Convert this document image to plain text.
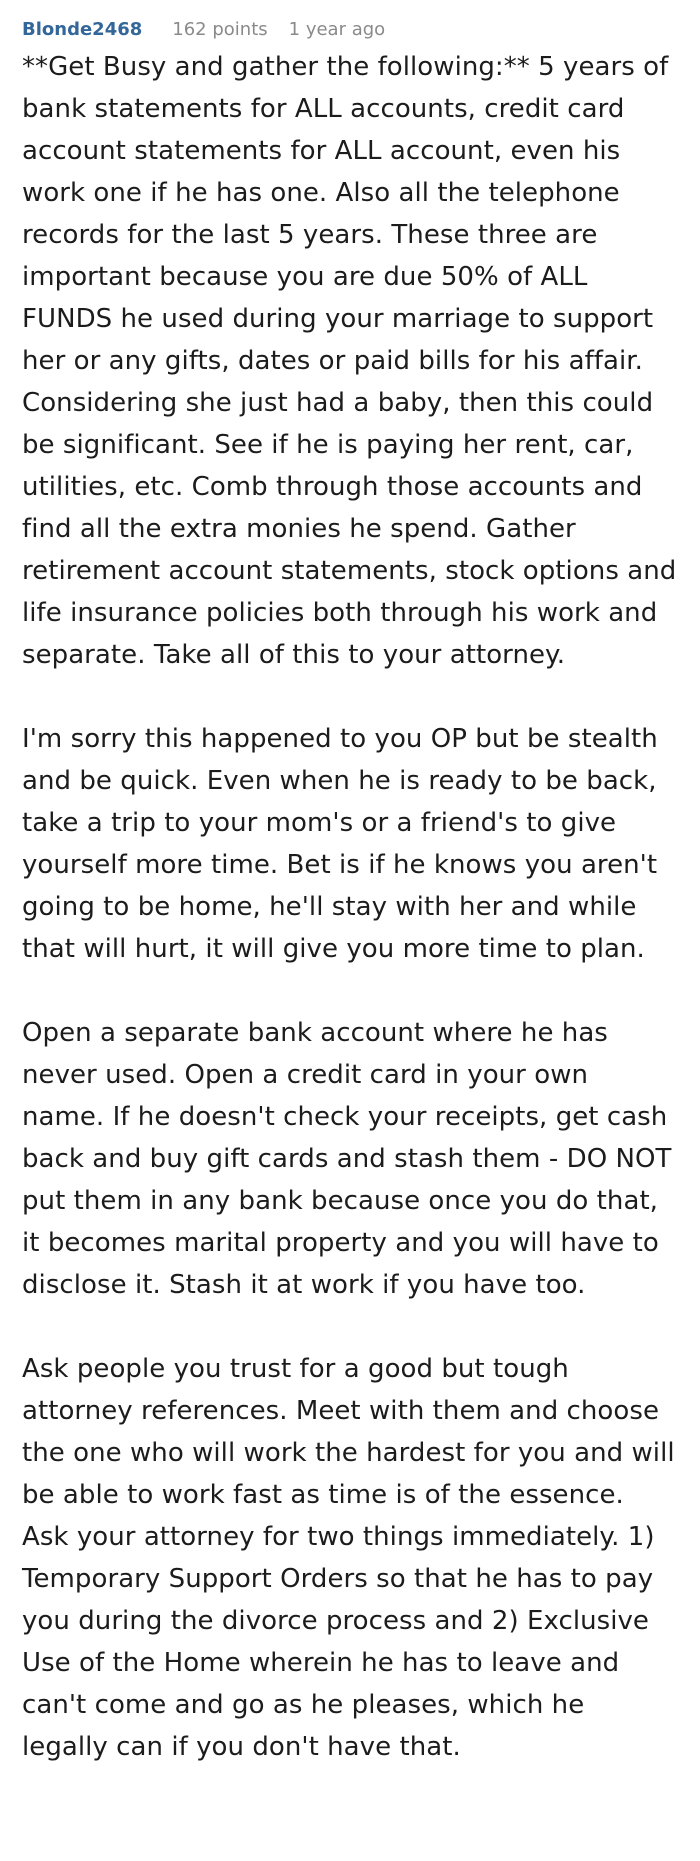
Blonde2468 162 points 1 year ago

**Get Busy and gather the following:** 5 years of bank statements for ALL accounts, credit card account statements for ALL account, even his work one if he has one. Also all the telephone records for the last 5 years. These three are important because you are due 50% of ALL FUNDS he used during your marriage to support her or any gifts, dates or paid bills for his affair. Considering she just had a baby, then this could be significant. See if he is paying her rent, car, utilities, etc. Comb through those accounts and find all the extra monies he spend. Gather retirement account statements, stock options and life insurance policies both through his work and separate. Take all of this to your attorney.

I'm sorry this happened to you OP but be stealth and be quick. Even when he is ready to be back, take a trip to your mom's or a friend's to give yourself more time. Bet is if he knows you aren't going to be home, he'll stay with her and while that will hurt, it will give you more time to plan.

Open a separate bank account where he has never used. Open a credit card in your own name. If he doesn't check your receipts, get cash back and buy gift cards and stash them - DO NOT put them in any bank because once you do that, it becomes marital property and you will have to disclose it. Stash it at work if you have too.

Ask people you trust for a good but tough attorney references. Meet with them and choose the one who will work the hardest for you and will be able to work fast as time is of the essence. Ask your attorney for two things immediately. 1) Temporary Support Orders so that he has to pay you during the divorce process and 2) Exclusive Use of the Home wherein he has to leave and can't come and go as he pleases, which he legally can if you don't have that.
